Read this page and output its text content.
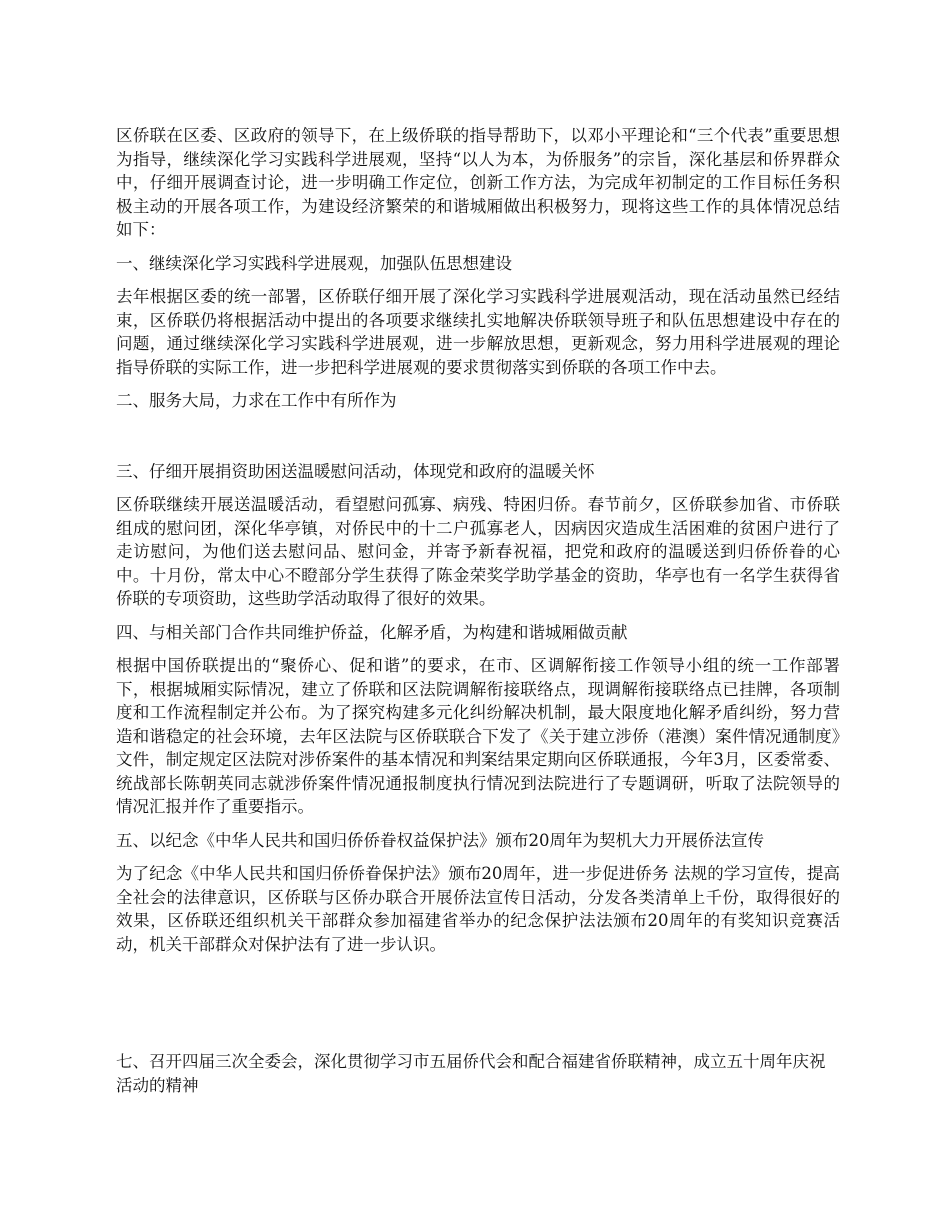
区侨联在区委、区政府的领导下，在上级侨联的指导帮助下，以邓小平理论和“三个代表”重要思想为指导，继续深化学习实践科学进展观，坚持“以人为本，为侨服务”的宗旨，深化基层和侨界群众中，仔细开展调查讨论，进一步明确工作定位，创新工作方法，为完成年初制定的工作目标任务积极主动的开展各项工作，为建设经济繁荣的和谐城厢做出积极努力，现将这些工作的具体情况总结如下：

一、继续深化学习实践科学进展观，加强队伍思想建设

去年根据区委的统一部署，区侨联仔细开展了深化学习实践科学进展观活动，现在活动虽然已经结束，区侨联仍将根据活动中提出的各项要求继续扎实地解决侨联领导班子和队伍思想建设中存在的问题，通过继续深化学习实践科学进展观，进一步解放思想，更新观念，努力用科学进展观的理论指导侨联的实际工作，进一步把科学进展观的要求贯彻落实到侨联的各项工作中去。

二、服务大局，力求在工作中有所作为

三、仔细开展捐资助困送温暖慰问活动，体现党和政府的温暖关怀

区侨联继续开展送温暖活动，看望慰问孤寡、病残、特困归侨。春节前夕，区侨联参加省、市侨联组成的慰问团，深化华亭镇，对侨民中的十二户孤寡老人，因病因灾造成生活困难的贫困户进行了走访慰问，为他们送去慰问品、慰问金，并寄予新春祝福，把党和政府的温暖送到归侨侨眷的心中。十月份，常太中心不瞪部分学生获得了陈金荣奖学助学基金的资助，华亭也有一名学生获得省侨联的专项资助，这些助学活动取得了很好的效果。

四、与相关部门合作共同维护侨益，化解矛盾，为构建和谐城厢做贡献

根据中国侨联提出的“聚侨心、促和谐”的要求，在市、区调解衔接工作领导小组的统一工作部署下，根据城厢实际情况，建立了侨联和区法院调解衔接联络点，现调解衔接联络点已挂牌，各项制度和工作流程制定并公布。为了探究构建多元化纠纷解决机制，最大限度地化解矛盾纠纷，努力营造和谐稳定的社会环境，去年区法院与区侨联联合下发了《关于建立涉侨（港澳）案件情况通制度》文件，制定规定区法院对涉侨案件的基本情况和判案结果定期向区侨联通报，今年3月，区委常委、统战部长陈朝英同志就涉侨案件情况通报制度执行情况到法院进行了专题调研，听取了法院领导的情况汇报并作了重要指示。

五、以纪念《中华人民共和国归侨侨眷权益保护法》颁布20周年为契机大力开展侨法宣传

为了纪念《中华人民共和国归侨侨眷保护法》颁布20周年，进一步促进侨务 法规的学习宣传，提高全社会的法律意识，区侨联与区侨办联合开展侨法宣传日活动，分发各类清单上千份，取得很好的效果，区侨联还组织机关干部群众参加福建省举办的纪念保护法法颁布20周年的有奖知识竞赛活动，机关干部群众对保护法有了进一步认识。

七、召开四届三次全委会，深化贯彻学习市五届侨代会和配合福建省侨联精神，成立五十周年庆祝活动的精神
